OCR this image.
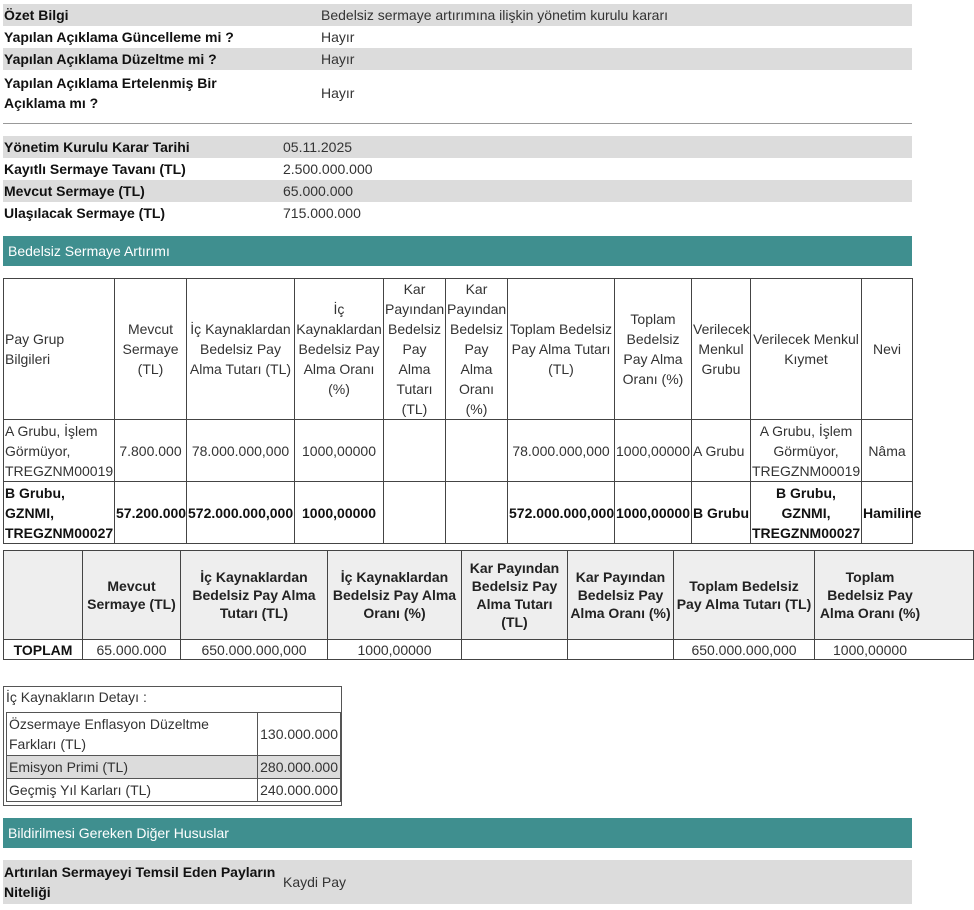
Özet Bilgi	Bedelsiz sermaye artırımına ilişkin yönetim kurulu kararı
Yapılan Açıklama Güncelleme mi ?	Hayır
Yapılan Açıklama Düzeltme mi ?	Hayır
Yapılan Açıklama Ertelenmiş Bir Açıklama mı ?	Hayır
Yönetim Kurulu Karar Tarihi	05.11.2025
Kayıtlı Sermaye Tavanı (TL)	2.500.000.000
Mevcut Sermaye (TL)	65.000.000
Ulaşılacak Sermaye (TL)	715.000.000
Bedelsiz Sermaye Artırımı
Pay Grup Bilgileri	Mevcut Sermaye (TL)	İç Kaynaklardan Bedelsiz Pay Alma Tutarı (TL)	İç Kaynaklardan Bedelsiz Pay Alma Oranı (%)	Kar Payından Bedelsiz Pay Alma Tutarı (TL)	Kar Payından Bedelsiz Pay Alma Oranı (%)	Toplam Bedelsiz Pay Alma Tutarı (TL)	Toplam Bedelsiz Pay Alma Oranı (%)	Verilecek Menkul Grubu	Verilecek Menkul Kıymet	Nevi
A Grubu, İşlem Görmüyor, TREGZNM00019	7.800.000	78.000.000,000	1000,00000			78.000.000,000	1000,00000	A Grubu	A Grubu, İşlem Görmüyor, TREGZNM00019	Nâma
B Grubu, GZNMI, TREGZNM00027	57.200.000	572.000.000,000	1000,00000			572.000.000,000	1000,00000	B Grubu	B Grubu, GZNMI, TREGZNM00027	Hamiline
	Mevcut Sermaye (TL)	İç Kaynaklardan Bedelsiz Pay Alma Tutarı (TL)	İç Kaynaklardan Bedelsiz Pay Alma Oranı (%)	Kar Payından Bedelsiz Pay Alma Tutarı (TL)	Kar Payından Bedelsiz Pay Alma Oranı (%)	Toplam Bedelsiz Pay Alma Tutarı (TL)	Toplam Bedelsiz Pay Alma Oranı (%)
TOPLAM	65.000.000	650.000.000,000	1000,00000			650.000.000,000	1000,00000
İç Kaynakların Detayı :
Özsermaye Enflasyon Düzeltme Farkları (TL)	130.000.000
Emisyon Primi (TL)	280.000.000
Geçmiş Yıl Karları (TL)	240.000.000
Bildirilmesi Gereken Diğer Hususlar
Artırılan Sermayeyi Temsil Eden Payların Niteliği	Kaydi Pay
